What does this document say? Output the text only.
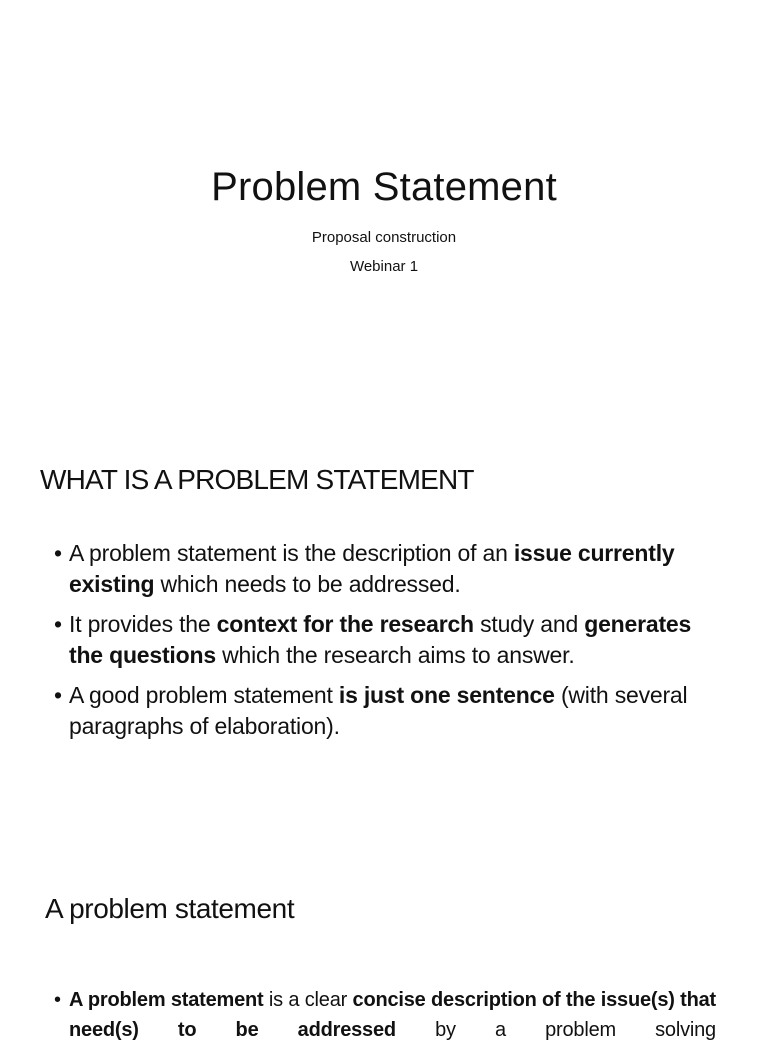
Problem Statement
Proposal construction
Webinar 1
WHAT IS A PROBLEM STATEMENT
• A problem statement is the description of an issue currently existing which needs to be addressed.
• It provides the context for the research study and generates the questions which the research aims to answer.
• A good problem statement is just one sentence (with several paragraphs of elaboration).
A problem statement
• A problem statement is a clear concise description of the issue(s) that need(s) to be addressed by a problem solving
